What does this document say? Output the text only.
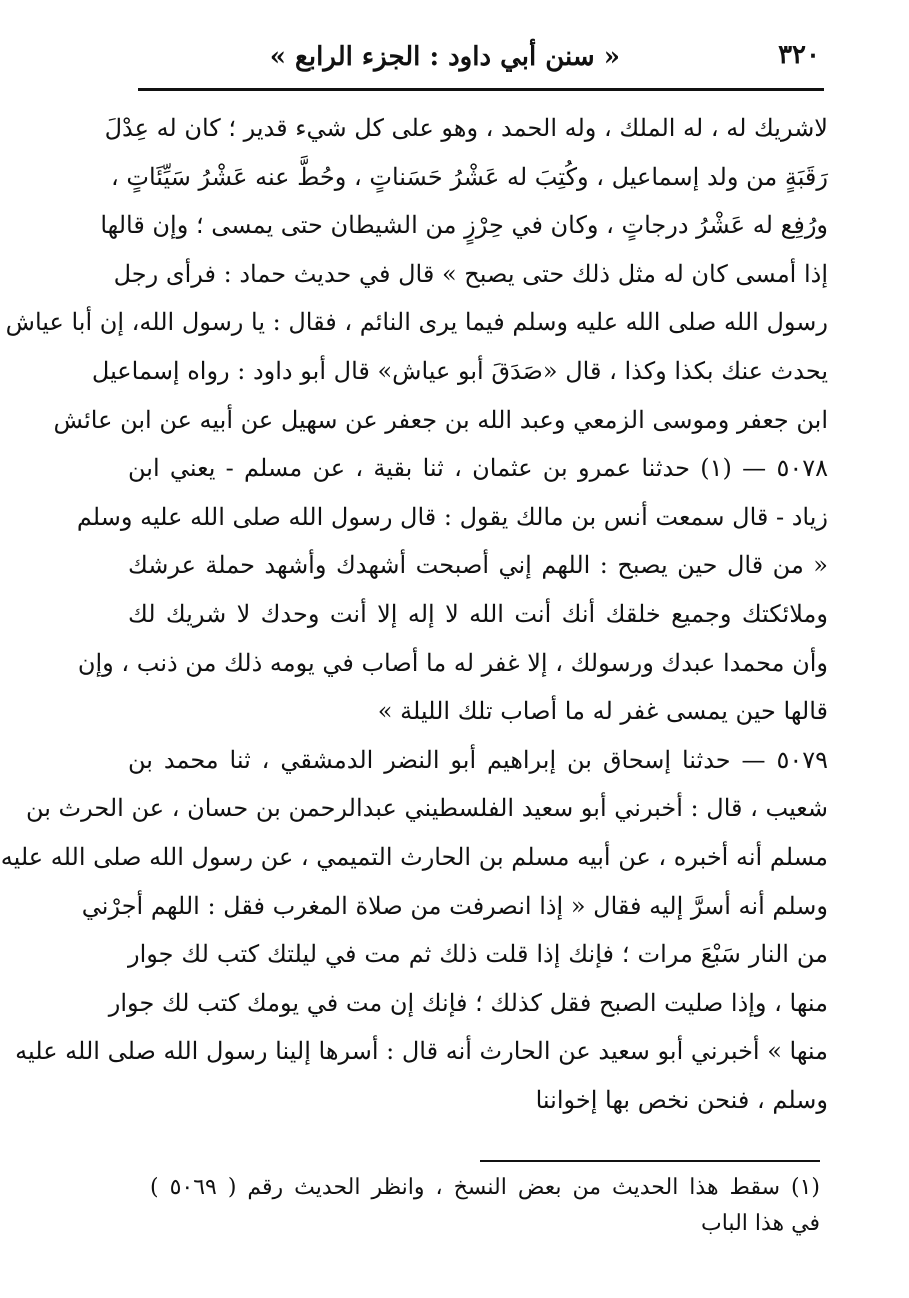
٣٢٠
« سنن أبي داود : الجزء الرابع »
لاشريك له ، له الملك ، وله الحمد ، وهو على كل شيء قدير ؛ كان له عِدْلَ
رَقَبَةٍ من ولد إسماعيل ، وكُتِبَ له عَشْرُ حَسَناتٍ ، وحُطَّ عنه عَشْرُ سَيِّئَاتٍ ،
ورُفِع له عَشْرُ درجاتٍ ، وكان في حِرْزٍ من الشيطان حتى يمسى ؛ وإن قالها
إذا أمسى كان له مثل ذلك حتى يصبح » قال في حديث حماد : فرأى رجل
رسول الله صلى الله عليه وسلم فيما يرى النائم ، فقال : يا رسول الله، إن أبا عياش
يحدث عنك بكذا وكذا ، قال «صَدَقَ أبو عياش» قال أبو داود : رواه إسماعيل
ابن جعفر وموسى الزمعي وعبد الله بن جعفر عن سهيل عن أبيه عن ابن عائش
٥٠٧٨ — (١) حدثنا عمرو بن عثمان ، ثنا بقية ، عن مسلم - يعني ابن
زياد - قال سمعت أنس بن مالك يقول : قال رسول الله صلى الله عليه وسلم
« من قال حين يصبح : اللهم إني أصبحت أشهدك وأشهد حملة عرشك
وملائكتك وجميع خلقك أنك أنت الله لا إله إلا أنت وحدك لا شريك لك
وأن محمدا عبدك ورسولك ، إلا غفر له ما أصاب في يومه ذلك من ذنب ، وإن
قالها حين يمسى غفر له ما أصاب تلك الليلة »
٥٠٧٩ — حدثنا إسحاق بن إبراهيم أبو النضر الدمشقي ، ثنا محمد بن
شعيب ، قال : أخبرني أبو سعيد الفلسطيني عبدالرحمن بن حسان ، عن الحرث بن
مسلم أنه أخبره ، عن أبيه مسلم بن الحارث التميمي ، عن رسول الله صلى الله عليه
وسلم أنه أسرَّ إليه فقال « إذا انصرفت من صلاة المغرب فقل : اللهم أجرْني
من النار سَبْعَ مرات ؛ فإنك إذا قلت ذلك ثم مت في ليلتك كتب لك جوار
منها ، وإذا صليت الصبح فقل كذلك ؛ فإنك إن مت في يومك كتب لك جوار
منها » أخبرني أبو سعيد عن الحارث أنه قال : أسرها إلينا رسول الله صلى الله عليه
وسلم ، فنحن نخص بها إخواننا
(١) سقط هذا الحديث من بعض النسخ ، وانظر الحديث رقم ( ٥٠٦٩ )
في هذا الباب
